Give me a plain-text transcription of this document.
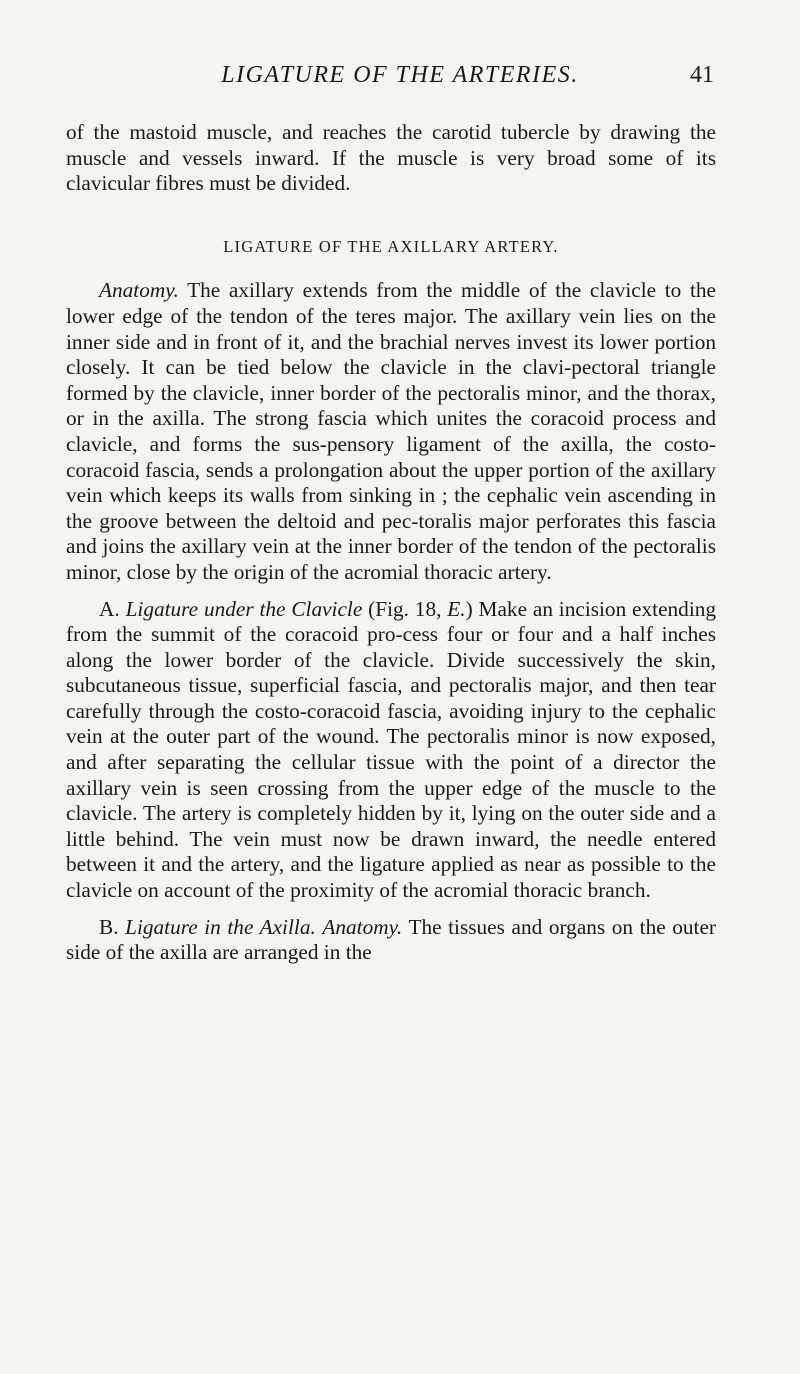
LIGATURE OF THE ARTERIES.	41

of the mastoid muscle, and reaches the carotid tubercle by drawing the muscle and vessels inward. If the muscle is very broad some of its clavicular fibres must be divided.

LIGATURE OF THE AXILLARY ARTERY.

Anatomy. The axillary extends from the middle of the clavicle to the lower edge of the tendon of the teres major. The axillary vein lies on the inner side and in front of it, and the brachial nerves invest its lower portion closely. It can be tied below the clavicle in the clavi-pectoral triangle formed by the clavicle, inner border of the pectoralis minor, and the thorax, or in the axilla. The strong fascia which unites the coracoid process and clavicle, and forms the sus-pensory ligament of the axilla, the costo-coracoid fascia, sends a prolongation about the upper portion of the axillary vein which keeps its walls from sinking in ; the cephalic vein ascending in the groove between the deltoid and pec-toralis major perforates this fascia and joins the axillary vein at the inner border of the tendon of the pectoralis minor, close by the origin of the acromial thoracic artery.

A. Ligature under the Clavicle (Fig. 18, E.) Make an incision extending from the summit of the coracoid pro-cess four or four and a half inches along the lower border of the clavicle. Divide successively the skin, subcutaneous tissue, superficial fascia, and pectoralis major, and then tear carefully through the costo-coracoid fascia, avoiding injury to the cephalic vein at the outer part of the wound. The pectoralis minor is now exposed, and after separating the cellular tissue with the point of a director the axillary vein is seen crossing from the upper edge of the muscle to the clavicle. The artery is completely hidden by it, lying on the outer side and a little behind. The vein must now be drawn inward, the needle entered between it and the artery, and the ligature applied as near as possible to the clavicle on account of the proximity of the acromial thoracic branch.

B. Ligature in the Axilla. Anatomy. The tissues and organs on the outer side of the axilla are arranged in the
